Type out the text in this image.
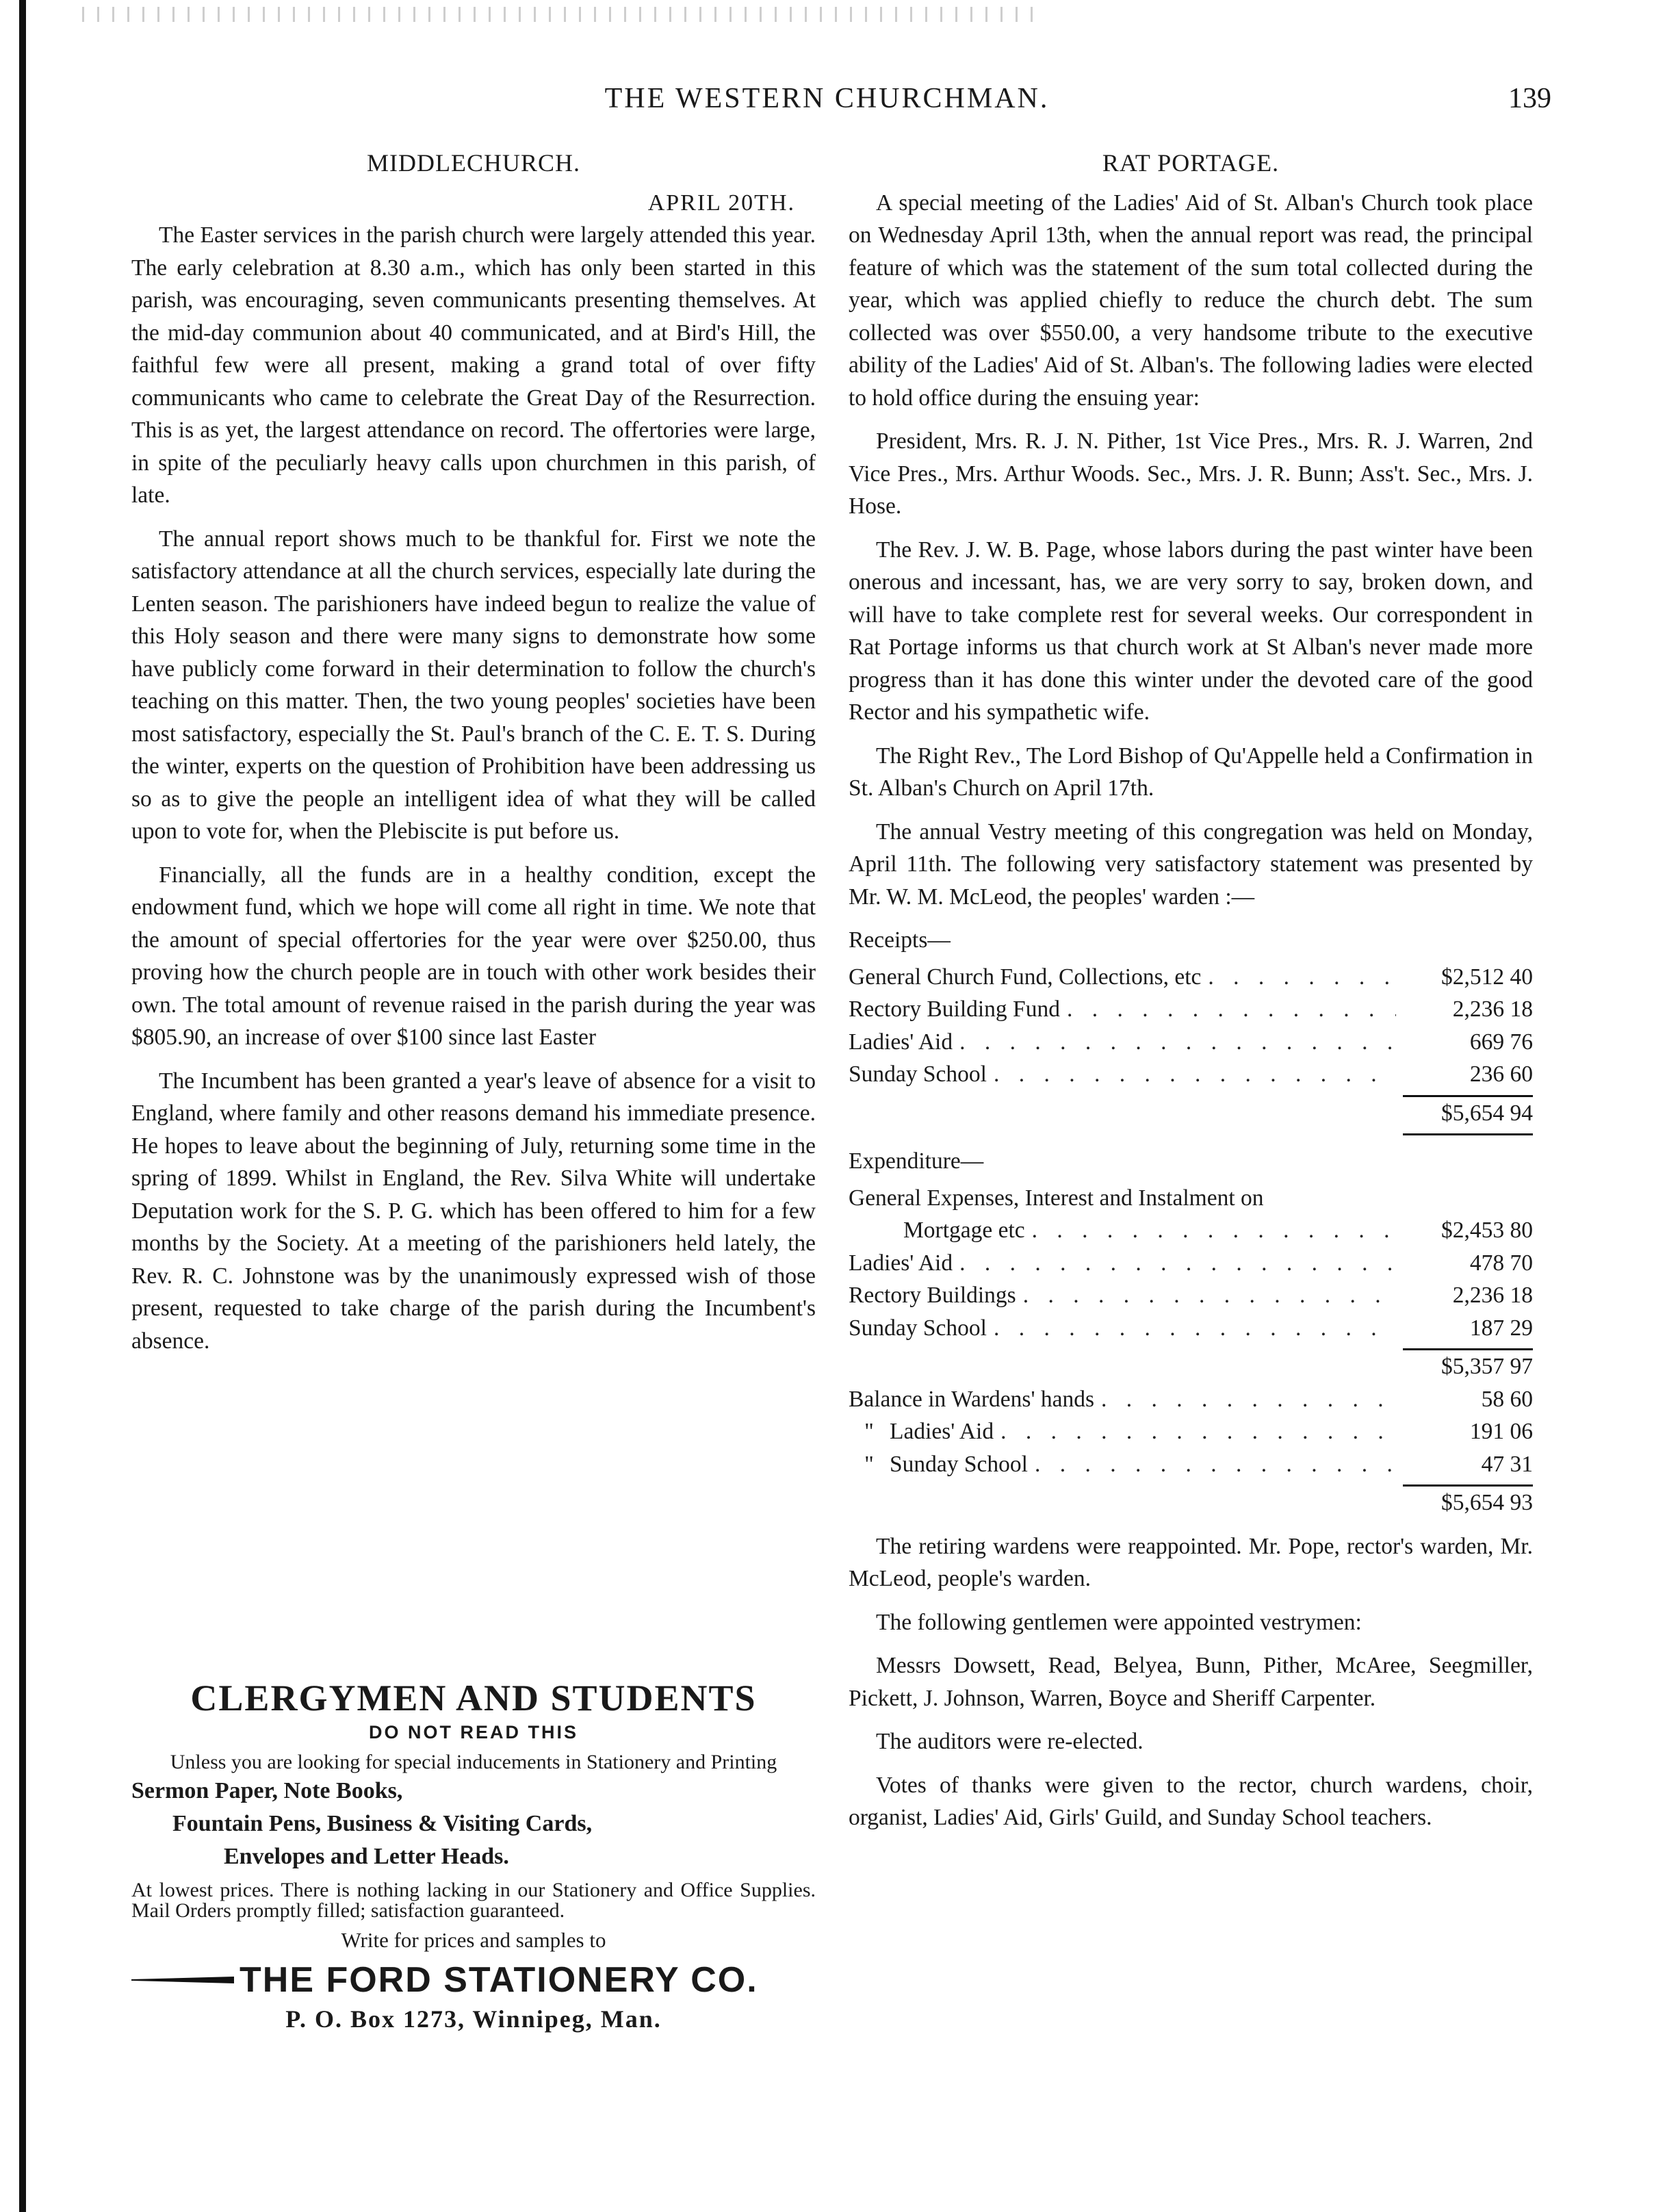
THE WESTERN CHURCHMAN.	139
MIDDLECHURCH.
APRIL 20TH.

The Easter services in the parish church were largely attended this year. The early celebration at 8.30 a.m., which has only been started in this parish, was encouraging, seven communicants presenting themselves. At the mid-day communion about 40 communicated, and at Bird's Hill, the faithful few were all present, making a grand total of over fifty communicants who came to celebrate the Great Day of the Resurrection. This is as yet, the largest attendance on record. The offertories were large, in spite of the peculiarly heavy calls upon churchmen in this parish, of late.

The annual report shows much to be thankful for. First we note the satisfactory attendance at all the church services, especially late during the Lenten season. The parishioners have indeed begun to realize the value of this Holy season and there were many signs to demonstrate how some have publicly come forward in their determination to follow the church's teaching on this matter. Then, the two young peoples' societies have been most satisfactory, especially the St. Paul's branch of the C. E. T. S. During the winter, experts on the question of Prohibition have been addressing us so as to give the people an intelligent idea of what they will be called upon to vote for, when the Plebiscite is put before us.

Financially, all the funds are in a healthy condition, except the endowment fund, which we hope will come all right in time. We note that the amount of special offertories for the year were over $250.00, thus proving how the church people are in touch with other work besides their own. The total amount of revenue raised in the parish during the year was $805.90, an increase of over $100 since last Easter

The Incumbent has been granted a year's leave of absence for a visit to England, where family and other reasons demand his immediate presence. He hopes to leave about the beginning of July, returning some time in the spring of 1899. Whilst in England, the Rev. Silva White will undertake Deputation work for the S. P. G. which has been offered to him for a few months by the Society. At a meeting of the parishioners held lately, the Rev. R. C. Johnstone was by the unanimously expressed wish of those present, requested to take charge of the parish during the Incumbent's absence.

CLERGYMEN AND STUDENTS
DO NOT READ THIS
Unless you are looking for special inducements in Stationery and Printing
Sermon Paper, Note Books,
Fountain Pens, Business & Visiting Cards,
Envelopes and Letter Heads.
At lowest prices. There is nothing lacking in our Stationery and Office Supplies. Mail Orders promptly filled; satisfaction guaranteed.
Write for prices and samples to
THE FORD STATIONERY CO.
P. O. Box 1273, Winnipeg, Man.
RAT PORTAGE.

A special meeting of the Ladies' Aid of St. Alban's Church took place on Wednesday April 13th, when the annual report was read, the principal feature of which was the statement of the sum total collected during the year, which was applied chiefly to reduce the church debt. The sum collected was over $550.00, a very handsome tribute to the executive ability of the Ladies' Aid of St. Alban's. The following ladies were elected to hold office during the ensuing year:

President, Mrs. R. J. N. Pither, 1st Vice Pres., Mrs. R. J. Warren, 2nd Vice Pres., Mrs. Arthur Woods. Sec., Mrs. J. R. Bunn; Ass't. Sec., Mrs. J. Hose.

The Rev. J. W. B. Page, whose labors during the past winter have been onerous and incessant, has, we are very sorry to say, broken down, and will have to take complete rest for several weeks. Our correspondent in Rat Portage informs us that church work at St Alban's never made more progress than it has done this winter under the devoted care of the good Rector and his sympathetic wife.

The Right Rev., The Lord Bishop of Qu'Appelle held a Confirmation in St. Alban's Church on April 17th.

The annual Vestry meeting of this congregation was held on Monday, April 11th. The following very satisfactory statement was presented by Mr. W. M. McLeod, the peoples' warden :—

Receipts—
General Church Fund, Collections, etc . . .	$2,512 40
Rectory Building Fund . . .	2,236 18
Ladies' Aid . . .	669 76
Sunday School . . .	236 60
$5,654 94
Expenditure—
General Expenses, Interest and Instalment on
Mortgage etc . . .	$2,453 80
Ladies' Aid . . .	478 70
Rectory Buildings . . .	2,236 18
Sunday School . . .	187 29
$5,357 97
Balance in Wardens' hands . . .	58 60
" Ladies' Aid . . .	191 06
" Sunday School . . .	47 31
$5,654 93

The retiring wardens were reappointed. Mr. Pope, rector's warden, Mr. McLeod, people's warden.

The following gentlemen were appointed vestrymen:

Messrs Dowsett, Read, Belyea, Bunn, Pither, McAree, Seegmiller, Pickett, J. Johnson, Warren, Boyce and Sheriff Carpenter.

The auditors were re-elected.

Votes of thanks were given to the rector, church wardens, choir, organist, Ladies' Aid, Girls' Guild, and Sunday School teachers.
